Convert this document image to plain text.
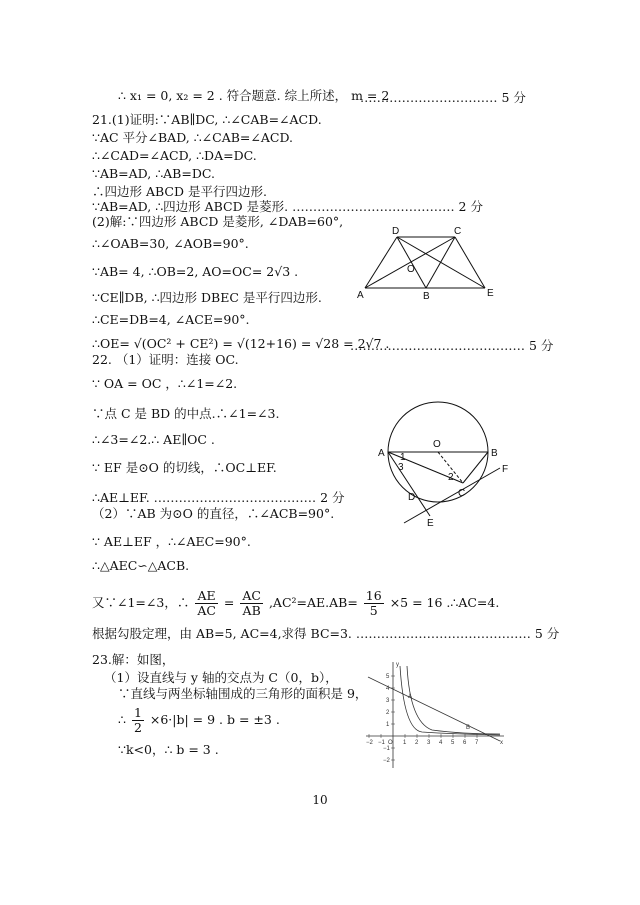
∴ x₁ = 0, x₂ = 2 . 符合题意. 综上所述， m = 2
…………………………… 5 分
21.(1)证明:∵AB∥DC, ∴∠CAB=∠ACD.
∵AC 平分∠BAD, ∴∠CAB=∠ACD.
∴∠CAD=∠ACD, ∴DA=DC.
∵AB=AD, ∴AB=DC.
∴四边形 ABCD 是平行四边形.
∵AB=AD, ∴四边形 ABCD 是菱形. ………………………………… 2 分
(2)解:∵四边形 ABCD 是菱形, ∠DAB=60°,
∴∠OAB=30, ∠AOB=90°.
∵AB= 4, ∴OB=2, AO=OC= 2√3 .
∵CE∥DB, ∴四边形 DBEC 是平行四边形.
∴CE=DB=4, ∠ACE=90°.
∴OE= √(OC² + CE²) = √(12+16) = √28 = 2√7 .
…………………………………… 5 分
D	C
O
A	B	E
22. （1）证明：连接 OC.
∵ OA = OC ，∴∠1=∠2.
∵点 C 是 BD 的中点.∴∠1=∠3.
∴∠3=∠2.∴ AE∥OC .
∵ EF 是⊙O 的切线，∴OC⊥EF.
∴AE⊥EF. ………………………………… 2 分
（2）∵AB 为⊙O 的直径，∴∠ACB=90°.
∵ AE⊥EF ，∴∠AEC=90°.
∴△AEC∽△ACB.
O
A	B
F
1
3
2
C
D
E
又∵∠1=∠3，∴ $\frac{AE}{AC} = \frac{AC}{AB} ,AC^2=AE.AB= \frac{16}{5} \times 5 = 16$ .∴AC=4.
根据勾股定理，由 AB=5, AC=4,求得 BC=3. …………………………………… 5 分
23.解：如图，
（1）设直线与 y 轴的交点为 C（0，b），
∵直线与两坐标轴围成的三角形的面积是 9，
∴ $\frac{1}{2} \times 6\cdot|b| = 9$ . b = ±3 .
∵k<0，∴ b = 3 .	−2 −1 O 1 2 3 4 5 6 7
5
4
3
2
1
−1
−2
x
y
A
B
10
